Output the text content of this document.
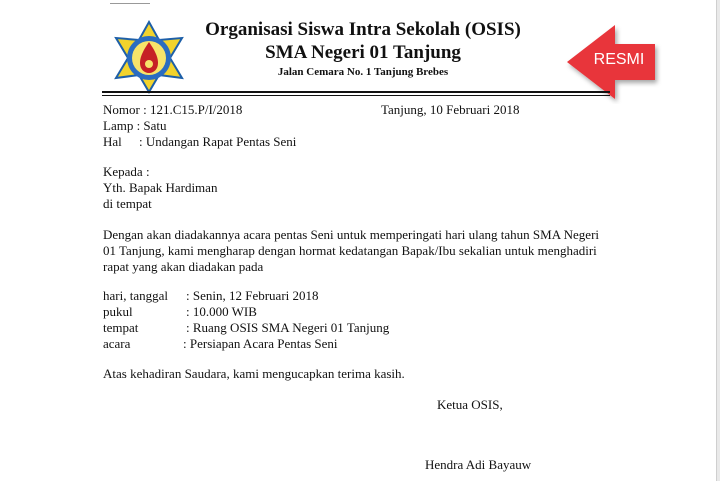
Organisasi Siswa Intra Sekolah (OSIS)
SMA Negeri 01 Tanjung
Jalan Cemara No. 1 Tanjung Brebes
RESMI
Nomor : 121.C15.P/I/2018	Tanjung, 10 Februari 2018
Lamp : Satu
Hal : Undangan Rapat Pentas Seni
Kepada :
Yth. Bapak Hardiman
di tempat
Dengan akan diadakannya acara pentas Seni untuk memperingati hari ulang tahun SMA Negeri
01 Tanjung, kami mengharap dengan hormat kedatangan Bapak/Ibu sekalian untuk menghadiri
rapat yang akan diadakan pada
hari, tanggal : Senin, 12 Februari 2018
pukul	: 10.000 WIB
tempat	: Ruang OSIS SMA Negeri 01 Tanjung
acara	: Persiapan Acara Pentas Seni
Atas kehadiran Saudara, kami mengucapkan terima kasih.
Ketua OSIS,
Hendra Adi Bayauw
